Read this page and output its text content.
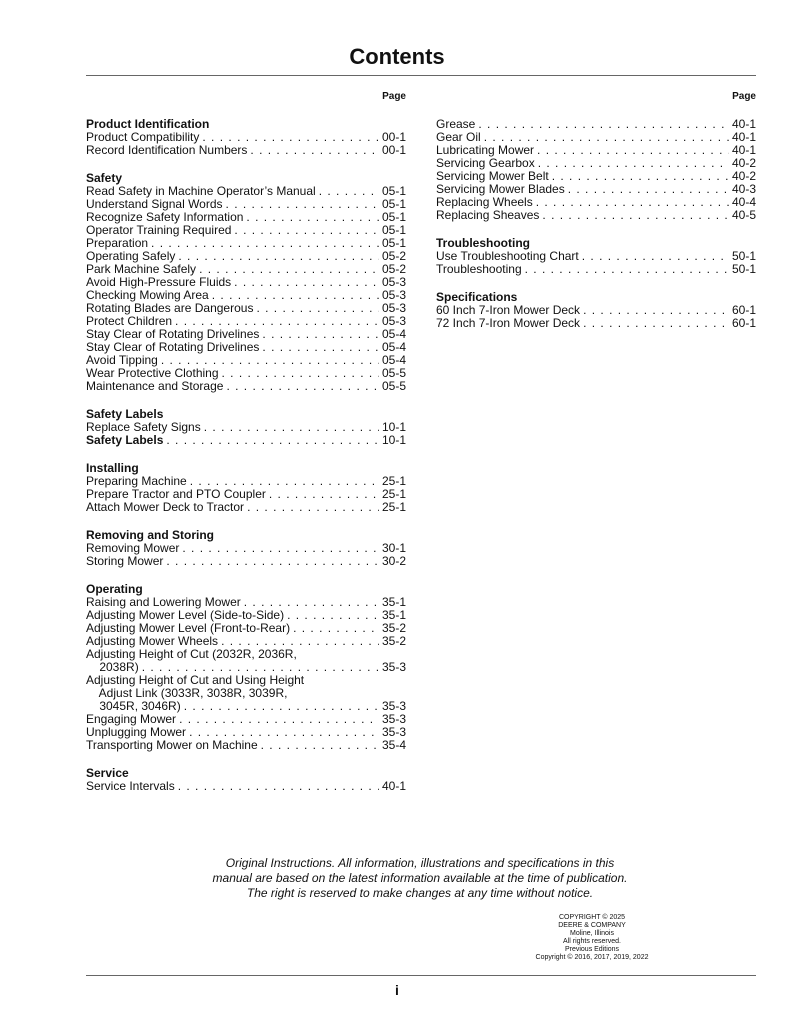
Contents
Page
Product Identification
Product Compatibility . . .	00-1
Record Identification Numbers . . .	00-1
Safety
Read Safety in Machine Operator’s Manual . . .	05-1
Understand Signal Words . . .	05-1
Recognize Safety Information . . .	05-1
Operator Training Required . . .	05-1
Preparation . . .	05-1
Operating Safely . . .	05-2
Park Machine Safely . . .	05-2
Avoid High-Pressure Fluids . . .	05-3
Checking Mowing Area . . .	05-3
Rotating Blades are Dangerous . . .	05-3
Protect Children . . .	05-3
Stay Clear of Rotating Drivelines . . .	05-4
Stay Clear of Rotating Drivelines . . .	05-4
Avoid Tipping . . .	05-4
Wear Protective Clothing . . .	05-5
Maintenance and Storage . . .	05-5
Safety Labels
Replace Safety Signs . . .	10-1
Safety Labels . . .	10-1
Installing
Preparing Machine . . .	25-1
Prepare Tractor and PTO Coupler . . .	25-1
Attach Mower Deck to Tractor . . .	25-1
Removing and Storing
Removing Mower . . .	30-1
Storing Mower . . .	30-2
Operating
Raising and Lowering Mower . . .	35-1
Adjusting Mower Level (Side-to-Side) . . .	35-1
Adjusting Mower Level (Front-to-Rear) . . .	35-2
Adjusting Mower Wheels . . .	35-2
Adjusting Height of Cut (2032R, 2036R,
2038R) . . .	35-3
Adjusting Height of Cut and Using Height
Adjust Link (3033R, 3038R, 3039R,
3045R, 3046R) . . .	35-3
Engaging Mower . . .	35-3
Unplugging Mower . . .	35-3
Transporting Mower on Machine . . .	35-4
Service
Service Intervals . . .	40-1
Page
Grease . . .	40-1
Gear Oil . . .	40-1
Lubricating Mower . . .	40-1
Servicing Gearbox . . .	40-2
Servicing Mower Belt . . .	40-2
Servicing Mower Blades . . .	40-3
Replacing Wheels . . .	40-4
Replacing Sheaves . . .	40-5
Troubleshooting
Use Troubleshooting Chart . . .	50-1
Troubleshooting . . .	50-1
Specifications
60 Inch 7-Iron Mower Deck . . .	60-1
72 Inch 7-Iron Mower Deck . . .	60-1
Original Instructions. All information, illustrations and specifications in this
manual are based on the latest information available at the time of publication.
The right is reserved to make changes at any time without notice.
COPYRIGHT © 2025
DEERE & COMPANY
Moline, Illinois
All rights reserved.
Previous Editions
Copyright © 2016, 2017, 2019, 2022
i
